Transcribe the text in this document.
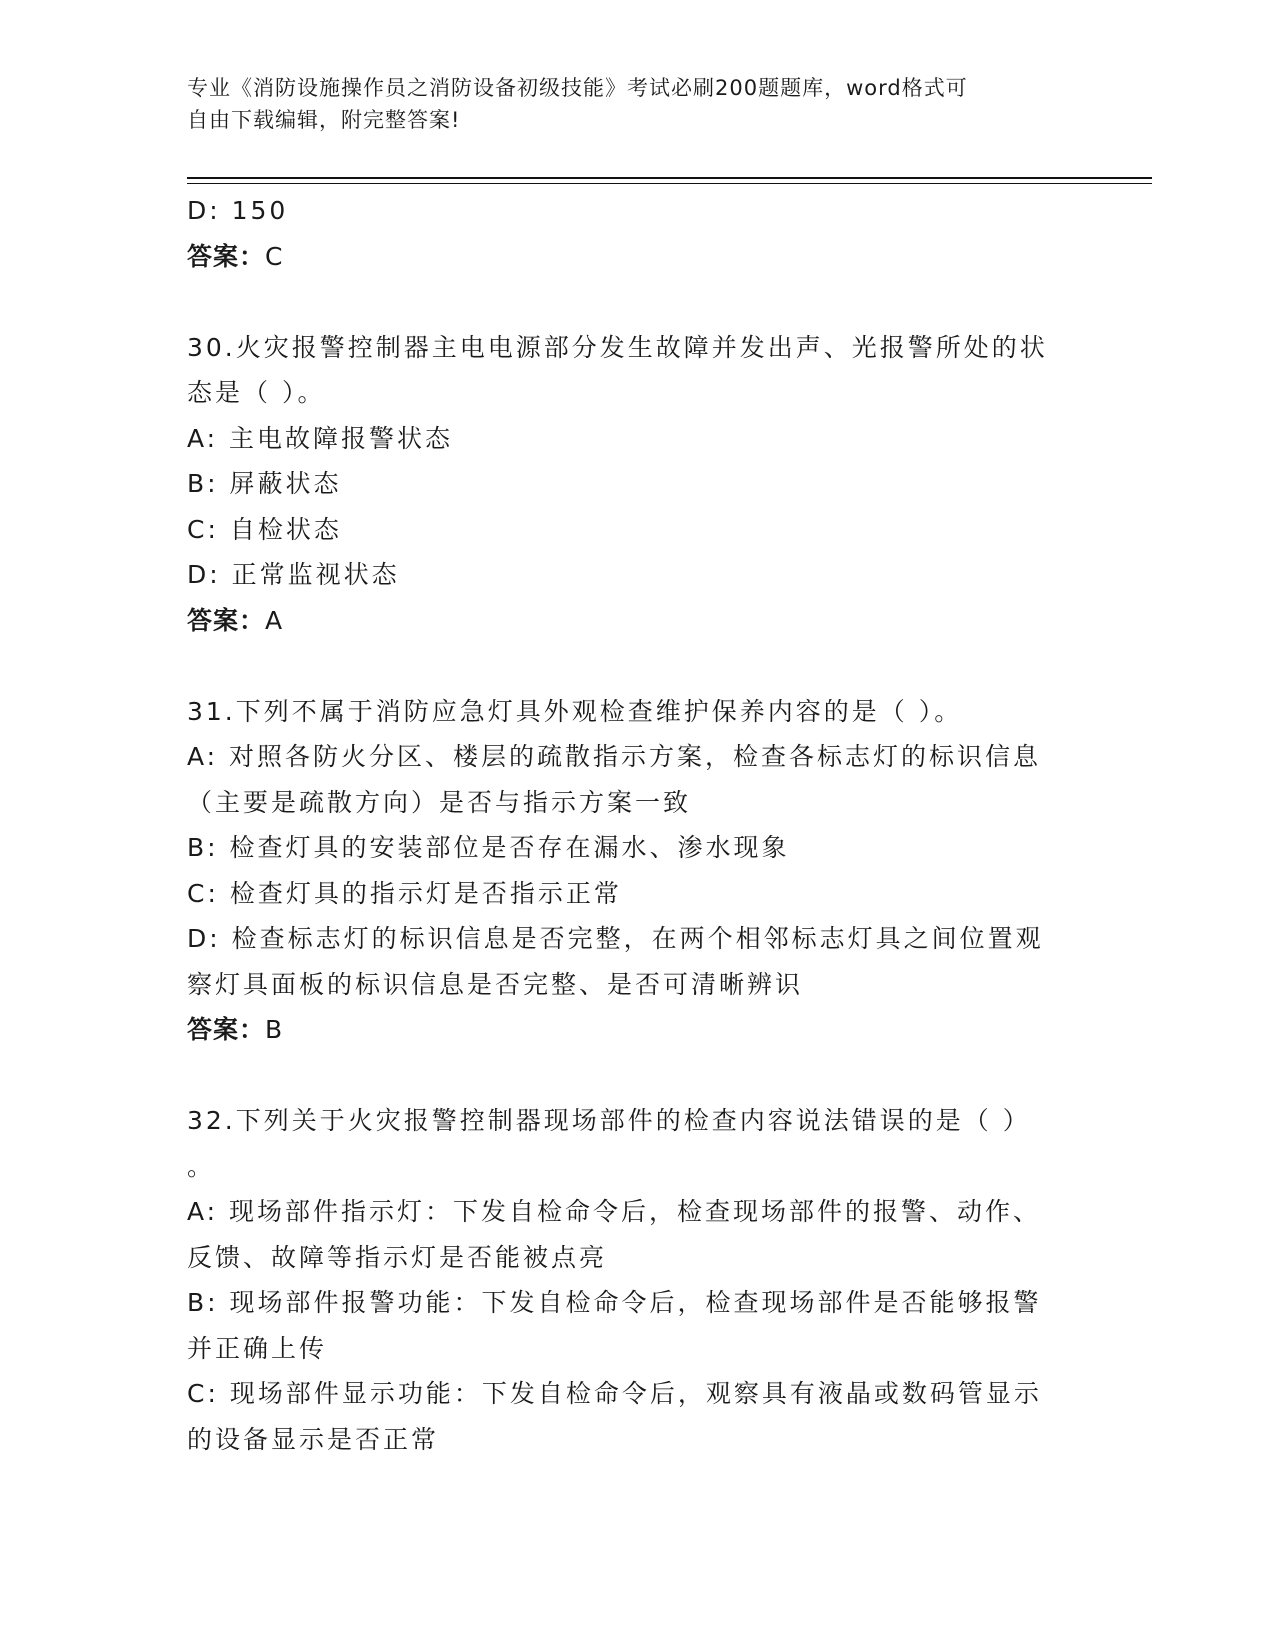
专业《消防设施操作员之消防设备初级技能》考试必刷200题题库，word格式可
自由下载编辑，附完整答案!
D: 150
答案：C
30.火灾报警控制器主电电源部分发生故障并发出声、光报警所处的状
态是（ ）。
A: 主电故障报警状态
B: 屏蔽状态
C: 自检状态
D: 正常监视状态
答案：A
31.下列不属于消防应急灯具外观检查维护保养内容的是（ ）。
A: 对照各防火分区、楼层的疏散指示方案，检查各标志灯的标识信息
（主要是疏散方向）是否与指示方案一致
B: 检查灯具的安装部位是否存在漏水、渗水现象
C: 检查灯具的指示灯是否指示正常
D: 检查标志灯的标识信息是否完整，在两个相邻标志灯具之间位置观
察灯具面板的标识信息是否完整、是否可清晰辨识
答案：B
32.下列关于火灾报警控制器现场部件的检查内容说法错误的是（ ）
。
A: 现场部件指示灯：下发自检命令后，检查现场部件的报警、动作、
反馈、故障等指示灯是否能被点亮
B: 现场部件报警功能：下发自检命令后，检查现场部件是否能够报警
并正确上传
C: 现场部件显示功能：下发自检命令后，观察具有液晶或数码管显示
的设备显示是否正常
